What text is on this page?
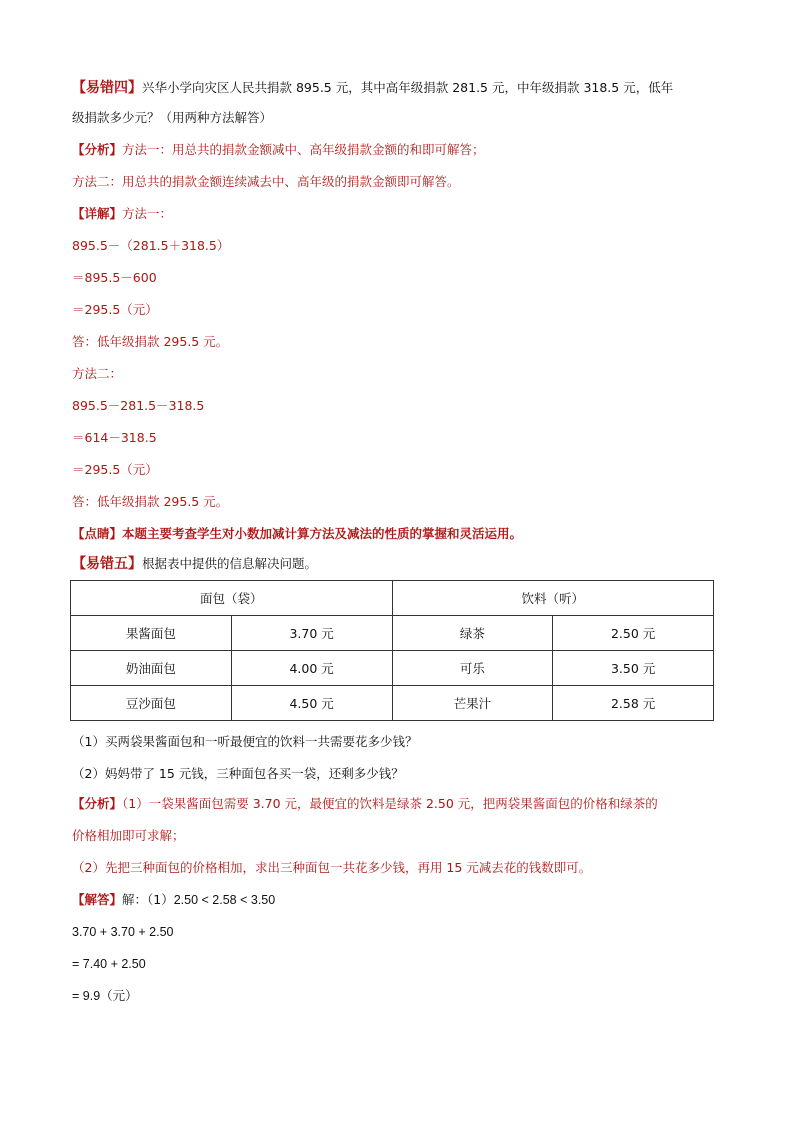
【易错四】兴华小学向灾区人民共捐款 895.5 元，其中高年级捐款 281.5 元，中年级捐款 318.5 元，低年
级捐款多少元？（用两种方法解答）
【分析】方法一：用总共的捐款金额减中、高年级捐款金额的和即可解答；
方法二：用总共的捐款金额连续减去中、高年级的捐款金额即可解答。
【详解】方法一：
895.5－（281.5＋318.5）
＝895.5－600
＝295.5（元）
答：低年级捐款 295.5 元。
方法二：
895.5－281.5－318.5
＝614－318.5
＝295.5（元）
答：低年级捐款 295.5 元。
【点睛】本题主要考查学生对小数加减计算方法及减法的性质的掌握和灵活运用。
【易错五】根据表中提供的信息解决问题。
面包（袋）		饮料（听）	
果酱面包	3.70 元	绿茶	2.50 元
奶油面包	4.00 元	可乐	3.50 元
豆沙面包	4.50 元	芒果汁	2.58 元
（1）买两袋果酱面包和一听最便宜的饮料一共需要花多少钱？
（2）妈妈带了 15 元钱，三种面包各买一袋，还剩多少钱？
【分析】（1）一袋果酱面包需要 3.70 元，最便宜的饮料是绿茶 2.50 元，把两袋果酱面包的价格和绿茶的
价格相加即可求解；
（2）先把三种面包的价格相加，求出三种面包一共花多少钱，再用 15 元减去花的钱数即可。
【解答】解：（1）2.50 < 2.58 < 3.50
3.70 + 3.70 + 2.50
= 7.40 + 2.50
= 9.9（元）
